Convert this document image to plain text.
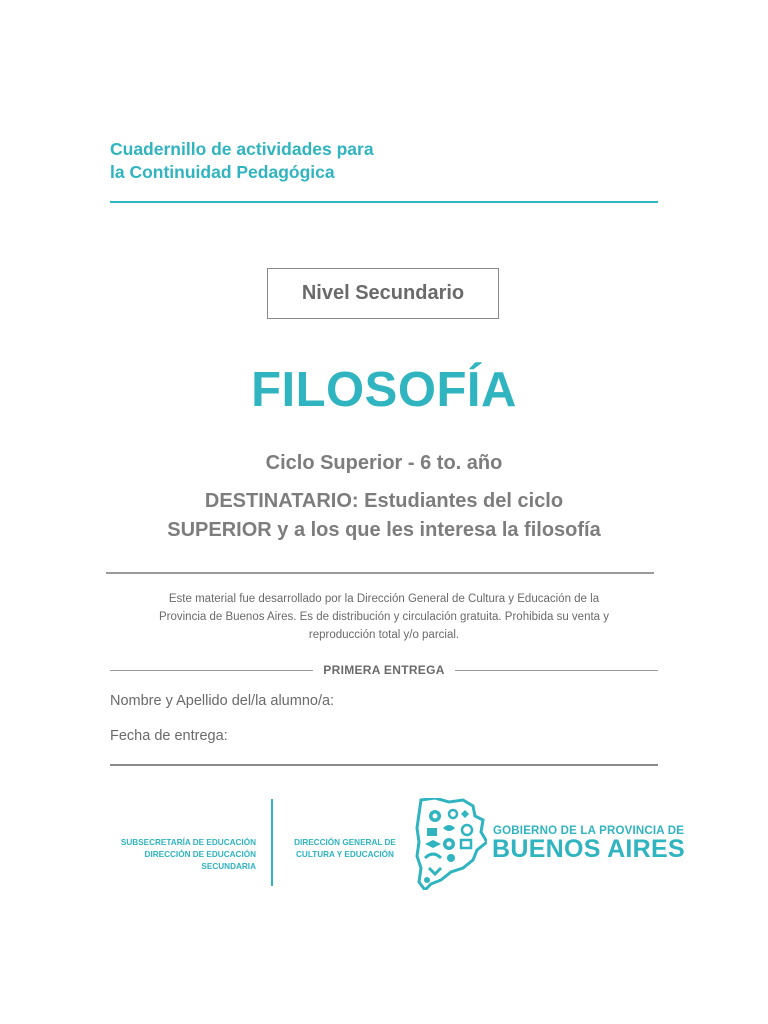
Cuadernillo de actividades para
la Continuidad Pedagógica
Nivel Secundario
FILOSOFÍA
Ciclo Superior - 6 to. año
DESTINATARIO: Estudiantes del ciclo
SUPERIOR y a los que les interesa la filosofía
Este material fue desarrollado por la Dirección General de Cultura y Educación de la
Provincia de Buenos Aires. Es de distribución y circulación gratuita. Prohibida su venta y
reproducción total y/o parcial.
PRIMERA ENTREGA
Nombre y Apellido del/la alumno/a:
Fecha de entrega:
SUBSECRETARÍA DE EDUCACIÓN
DIRECCIÓN DE EDUCACIÓN SECUNDARIA
DIRECCIÓN GENERAL DE
CULTURA Y EDUCACIÓN
GOBIERNO DE LA PROVINCIA DE
BUENOS AIRES
